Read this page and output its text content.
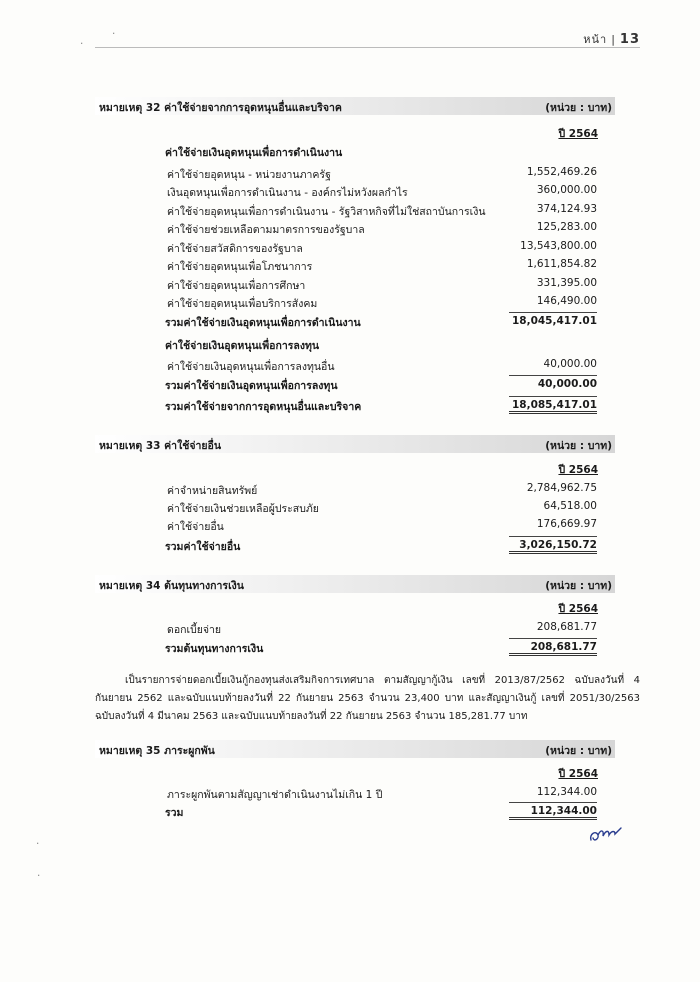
หน้า | 13
หมายเหตุ 32 ค่าใช้จ่ายจากการอุดหนุนอื่นและบริจาค	(หน่วย : บาท)
ปี 2564
ค่าใช้จ่ายเงินอุดหนุนเพื่อการดำเนินงาน
ค่าใช้จ่ายอุดหนุน - หน่วยงานภาครัฐ	1,552,469.26
เงินอุดหนุนเพื่อการดำเนินงาน - องค์กรไม่หวังผลกำไร	360,000.00
ค่าใช้จ่ายอุดหนุนเพื่อการดำเนินงาน - รัฐวิสาหกิจที่ไม่ใช่สถาบันการเงิน	374,124.93
ค่าใช้จ่ายช่วยเหลือตามมาตรการของรัฐบาล	125,283.00
ค่าใช้จ่ายสวัสดิการของรัฐบาล	13,543,800.00
ค่าใช้จ่ายอุดหนุนเพื่อโภชนาการ	1,611,854.82
ค่าใช้จ่ายอุดหนุนเพื่อการศึกษา	331,395.00
ค่าใช้จ่ายอุดหนุนเพื่อบริการสังคม	146,490.00
รวมค่าใช้จ่ายเงินอุดหนุนเพื่อการดำเนินงาน	18,045,417.01
ค่าใช้จ่ายเงินอุดหนุนเพื่อการลงทุน
ค่าใช้จ่ายเงินอุดหนุนเพื่อการลงทุนอื่น	40,000.00
รวมค่าใช้จ่ายเงินอุดหนุนเพื่อการลงทุน	40,000.00
รวมค่าใช้จ่ายจากการอุดหนุนอื่นและบริจาค	18,085,417.01
หมายเหตุ 33 ค่าใช้จ่ายอื่น	(หน่วย : บาท)
ปี 2564
ค่าจำหน่ายสินทรัพย์	2,784,962.75
ค่าใช้จ่ายเงินช่วยเหลือผู้ประสบภัย	64,518.00
ค่าใช้จ่ายอื่น	176,669.97
รวมค่าใช้จ่ายอื่น	3,026,150.72
หมายเหตุ 34 ต้นทุนทางการเงิน	(หน่วย : บาท)
ปี 2564
ดอกเบี้ยจ่าย	208,681.77
รวมต้นทุนทางการเงิน	208,681.77
เป็นรายการจ่ายดอกเบี้ยเงินกู้กองทุนส่งเสริมกิจการเทศบาล ตามสัญญากู้เงิน เลขที่ 2013/87/2562 ฉบับลงวันที่ 4 กันยายน 2562 และฉบับแนบท้ายลงวันที่ 22 กันยายน 2563 จำนวน 23,400 บาท และสัญญาเงินกู้ เลขที่ 2051/30/2563 ฉบับลงวันที่ 4 มีนาคม 2563 และฉบับแนบท้ายลงวันที่ 22 กันยายน 2563 จำนวน 185,281.77 บาท
หมายเหตุ 35 ภาระผูกพัน	(หน่วย : บาท)
ปี 2564
ภาระผูกพันตามสัญญาเช่าดำเนินงานไม่เกิน 1 ปี	112,344.00
รวม	112,344.00
·
·
·
·
